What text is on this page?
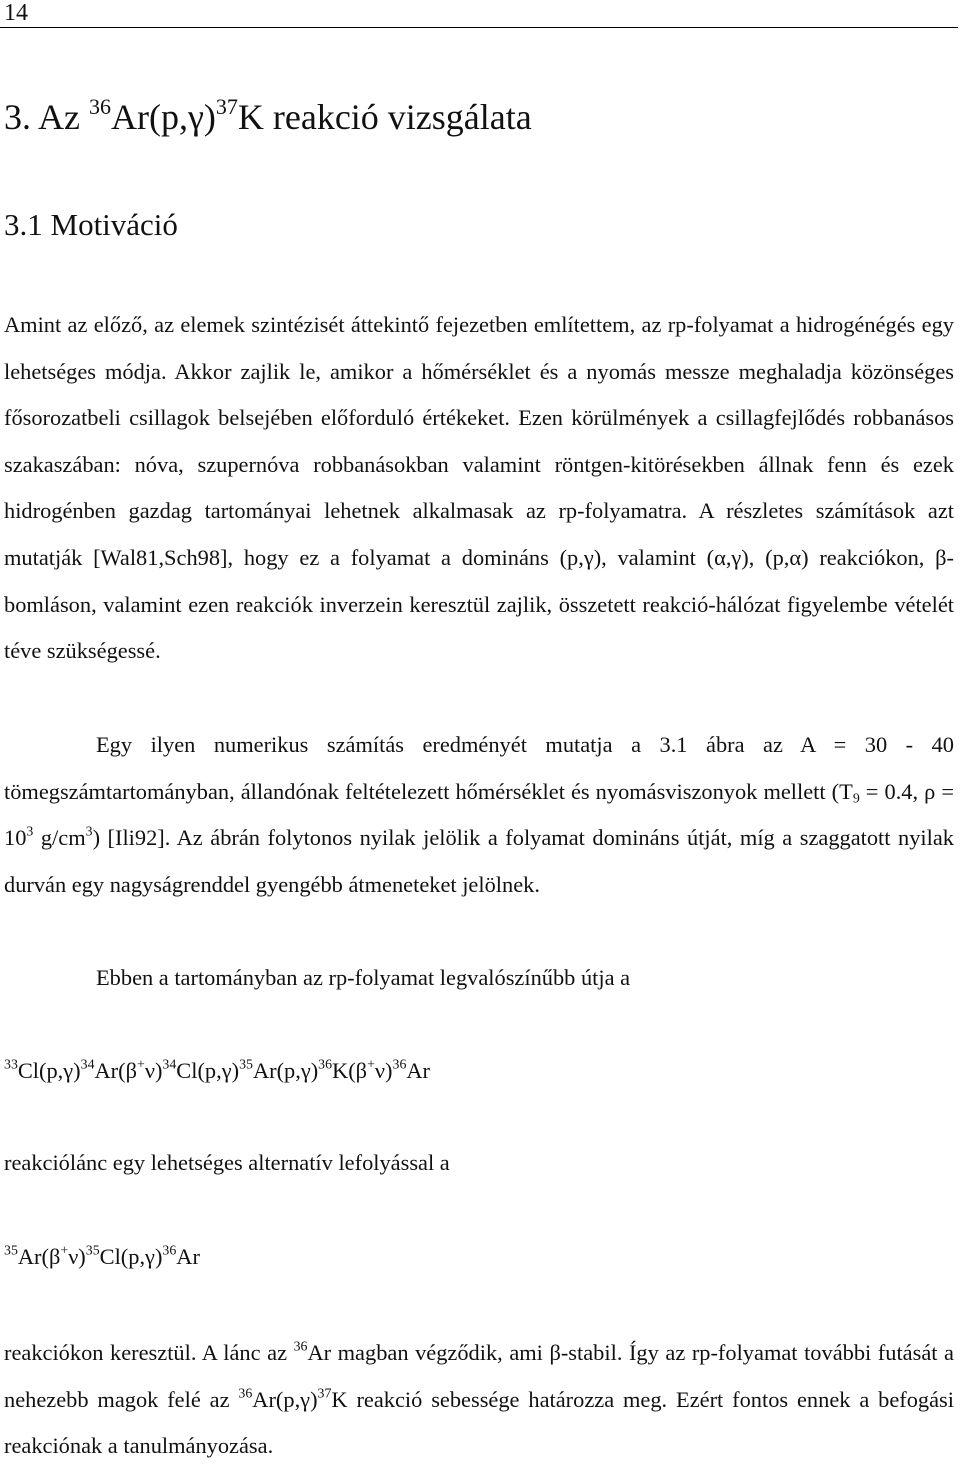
14
3. Az $^{36}Ar(p,\gamma)^{37}K$ reakció vizsgálata
3.1 Motiváció

Amint az előző, az elemek szintézisét áttekintő fejezetben említettem, az rp-folyamat a hidrogénégés egy lehetséges módja. Akkor zajlik le, amikor a hőmérséklet és a nyomás messze meghaladja közönséges fősorozatbeli csillagok belsejében előforduló értékeket. Ezen körülmények a csillagfejlődés robbanásos szakaszában: nóva, szupernóva robbanásokban valamint röntgen-kitörésekben állnak fenn és ezek hidrogénben gazdag tartományai lehetnek alkalmasak az rp-folyamatra. A részletes számítások azt mutatják [Wal81,Sch98], hogy ez a folyamat a domináns (p,γ), valamint (α,γ), (p,α) reakciókon, β-bomláson, valamint ezen reakciók inverzein keresztül zajlik, összetett reakció-hálózat figyelembe vételét téve szükségessé.

Egy ilyen numerikus számítás eredményét mutatja a 3.1 ábra az A = 30 - 40 tömegszámtartományban, állandónak feltételezett hőmérséklet és nyomásviszonyok mellett ($T_9 = 0.4$, $\rho = 10^3$ $g/cm^3$) [Ili92]. Az ábrán folytonos nyilak jelölik a folyamat domináns útját, míg a szaggatott nyilak durván egy nagyságrenddel gyengébb átmeneteket jelölnek.

Ebben a tartományban az rp-folyamat legvalószínűbb útja a

$^{33}Cl(p,\gamma)^{34}Ar(\beta^+\nu)^{34}Cl(p,\gamma)^{35}Ar(p,\gamma)^{36}K(\beta^+\nu)^{36}Ar$
reakciólánc egy lehetséges alternatív lefolyással a
$^{35}Ar(\beta^+\nu)^{35}Cl(p,\gamma)^{36}Ar$

reakciókon keresztül. A lánc az $^{36}$Ar magban végződik, ami β-stabil. Így az rp-folyamat további futását a nehezebb magok felé az $^{36}Ar(p,\gamma)^{37}K$ reakció sebessége határozza meg. Ezért fontos ennek a befogási reakciónak a tanulmányozása.
